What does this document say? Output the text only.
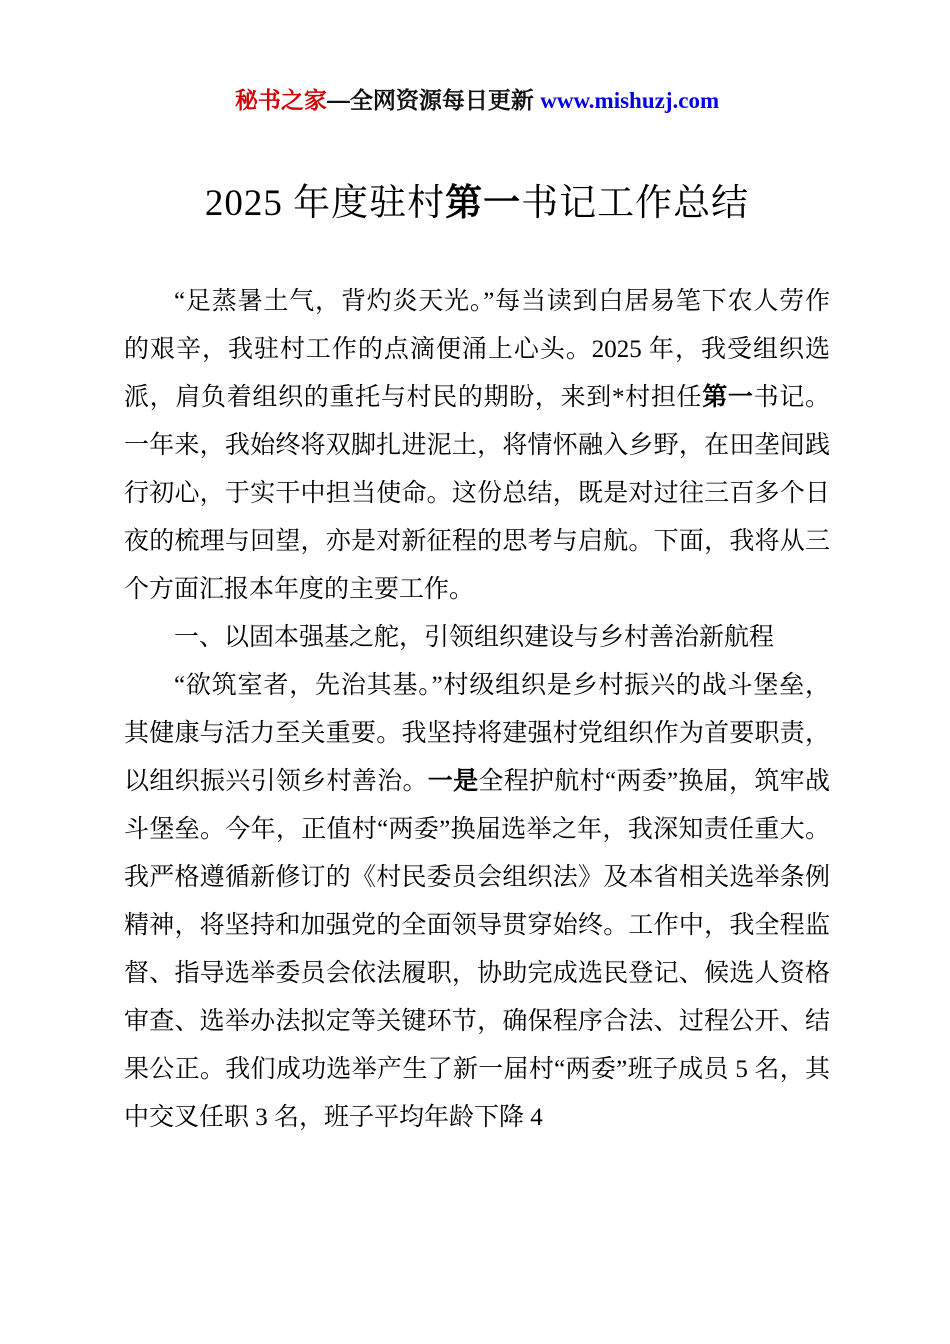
秘书之家—全网资源每日更新 www.mishuzj.com
2025 年度驻村第一书记工作总结

“足蒸暑土气，背灼炎天光。”每当读到白居易笔下农人劳作的艰辛，我驻村工作的点滴便涌上心头。2025 年，我受组织选派，肩负着组织的重托与村民的期盼，来到*村担任第一书记。一年来，我始终将双脚扎进泥土，将情怀融入乡野，在田垄间践行初心，于实干中担当使命。这份总结，既是对过往三百多个日夜的梳理与回望，亦是对新征程的思考与启航。下面，我将从三个方面汇报本年度的主要工作。

一、以固本强基之舵，引领组织建设与乡村善治新航程

“欲筑室者，先治其基。”村级组织是乡村振兴的战斗堡垒，其健康与活力至关重要。我坚持将建强村党组织作为首要职责，以组织振兴引领乡村善治。一是全程护航村“两委”换届，筑牢战斗堡垒。今年，正值村“两委”换届选举之年，我深知责任重大。我严格遵循新修订的《村民委员会组织法》及本省相关选举条例精神，将坚持和加强党的全面领导贯穿始终。工作中，我全程监督、指导选举委员会依法履职，协助完成选民登记、候选人资格审查、选举办法拟定等关键环节，确保程序合法、过程公开、结果公正。我们成功选举产生了新一届村“两委”班子成员 5 名，其中交叉任职 3 名，班子平均年龄下降 4
